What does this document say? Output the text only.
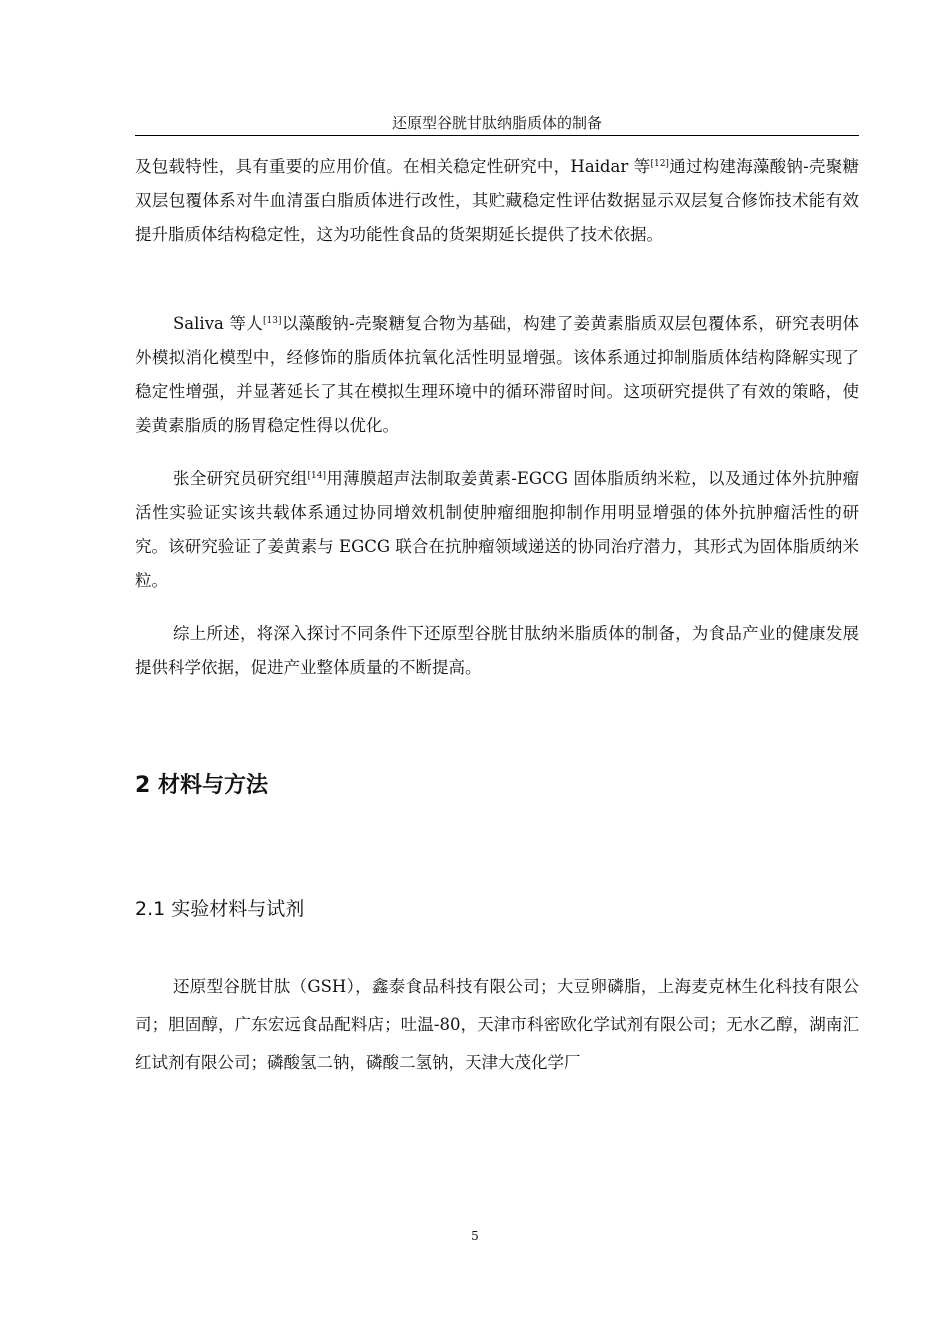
还原型谷胱甘肽纳脂质体的制备
及包载特性，具有重要的应用价值。在相关稳定性研究中，Haidar 等[12]通过构建海藻酸钠-壳聚糖双层包覆体系对牛血清蛋白脂质体进行改性，其贮藏稳定性评估数据显示双层复合修饰技术能有效提升脂质体结构稳定性，这为功能性食品的货架期延长提供了技术依据。
Saliva 等人[13]以藻酸钠-壳聚糖复合物为基础，构建了姜黄素脂质双层包覆体系，研究表明体外模拟消化模型中，经修饰的脂质体抗氧化活性明显增强。该体系通过抑制脂质体结构降解实现了稳定性增强，并显著延长了其在模拟生理环境中的循环滞留时间。这项研究提供了有效的策略，使姜黄素脂质的肠胃稳定性得以优化。
张全研究员研究组[14]用薄膜超声法制取姜黄素-EGCG 固体脂质纳米粒，以及通过体外抗肿瘤活性实验证实该共载体系通过协同增效机制使肿瘤细胞抑制作用明显增强的体外抗肿瘤活性的研究。该研究验证了姜黄素与 EGCG 联合在抗肿瘤领域递送的协同治疗潜力，其形式为固体脂质纳米粒。
综上所述，将深入探讨不同条件下还原型谷胱甘肽纳米脂质体的制备，为食品产业的健康发展提供科学依据，促进产业整体质量的不断提高。
2 材料与方法
2.1 实验材料与试剂
还原型谷胱甘肽（GSH），鑫泰食品科技有限公司；大豆卵磷脂，上海麦克林生化科技有限公司；胆固醇，广东宏远食品配料店；吐温-80，天津市科密欧化学试剂有限公司；无水乙醇，湖南汇红试剂有限公司；磷酸氢二钠，磷酸二氢钠，天津大茂化学厂
5
